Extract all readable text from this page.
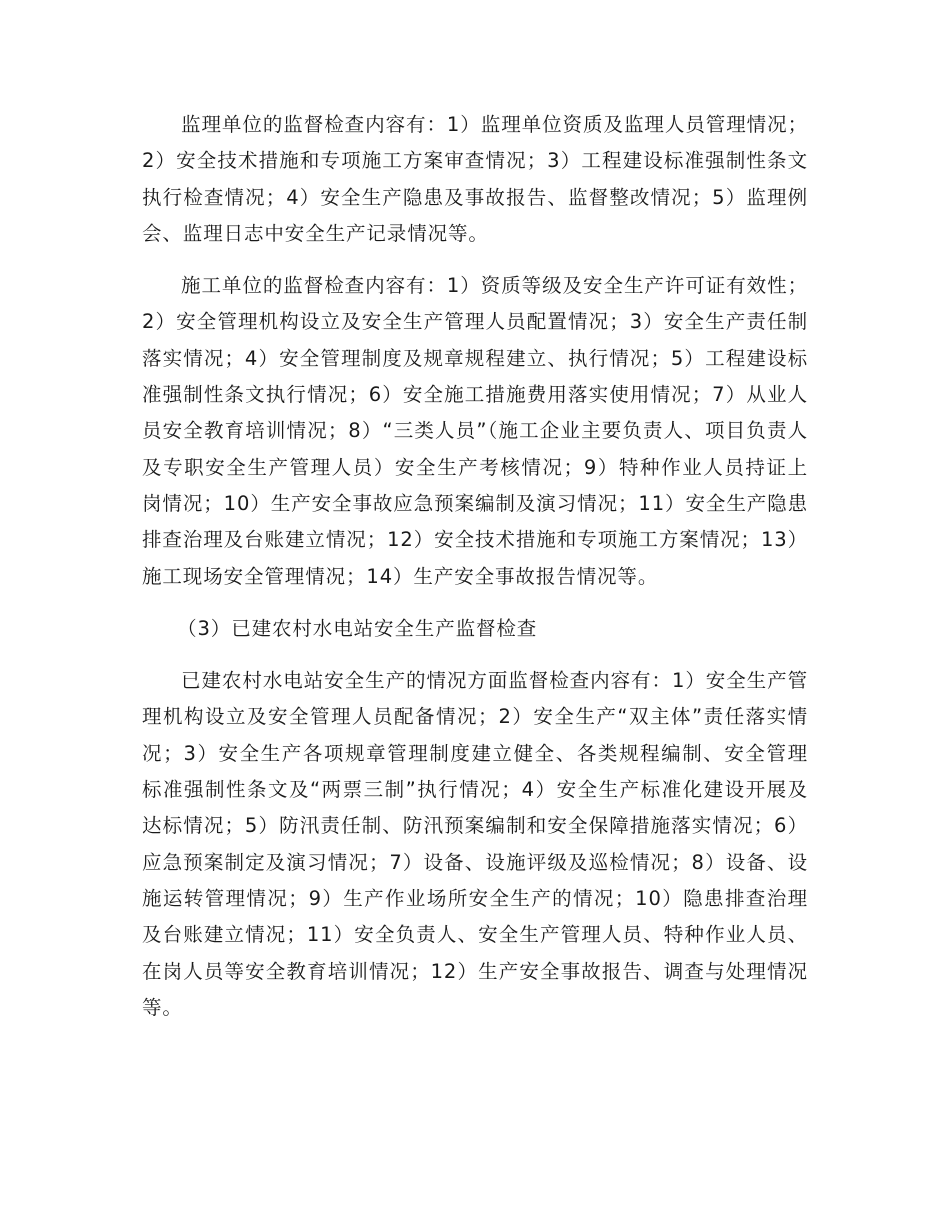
监理单位的监督检查内容有：1）监理单位资质及监理人员管理情况；2）安全技术措施和专项施工方案审查情况；3）工程建设标准强制性条文执行检查情况；4）安全生产隐患及事故报告、监督整改情况；5）监理例会、监理日志中安全生产记录情况等。

施工单位的监督检查内容有：1）资质等级及安全生产许可证有效性；2）安全管理机构设立及安全生产管理人员配置情况；3）安全生产责任制落实情况；4）安全管理制度及规章规程建立、执行情况；5）工程建设标准强制性条文执行情况；6）安全施工措施费用落实使用情况；7）从业人员安全教育培训情况；8）“三类人员”（施工企业主要负责人、项目负责人及专职安全生产管理人员）安全生产考核情况；9）特种作业人员持证上岗情况；10）生产安全事故应急预案编制及演习情况；11）安全生产隐患排查治理及台账建立情况；12）安全技术措施和专项施工方案情况；13）施工现场安全管理情况；14）生产安全事故报告情况等。

（3）已建农村水电站安全生产监督检查

已建农村水电站安全生产的情况方面监督检查内容有：1）安全生产管理机构设立及安全管理人员配备情况；2）安全生产“双主体”责任落实情况；3）安全生产各项规章管理制度建立健全、各类规程编制、安全管理标准强制性条文及“两票三制”执行情况；4）安全生产标准化建设开展及达标情况；5）防汛责任制、防汛预案编制和安全保障措施落实情况；6）应急预案制定及演习情况；7）设备、设施评级及巡检情况；8）设备、设施运转管理情况；9）生产作业场所安全生产的情况；10）隐患排查治理及台账建立情况；11）安全负责人、安全生产管理人员、特种作业人员、在岗人员等安全教育培训情况；12）生产安全事故报告、调查与处理情况等。
